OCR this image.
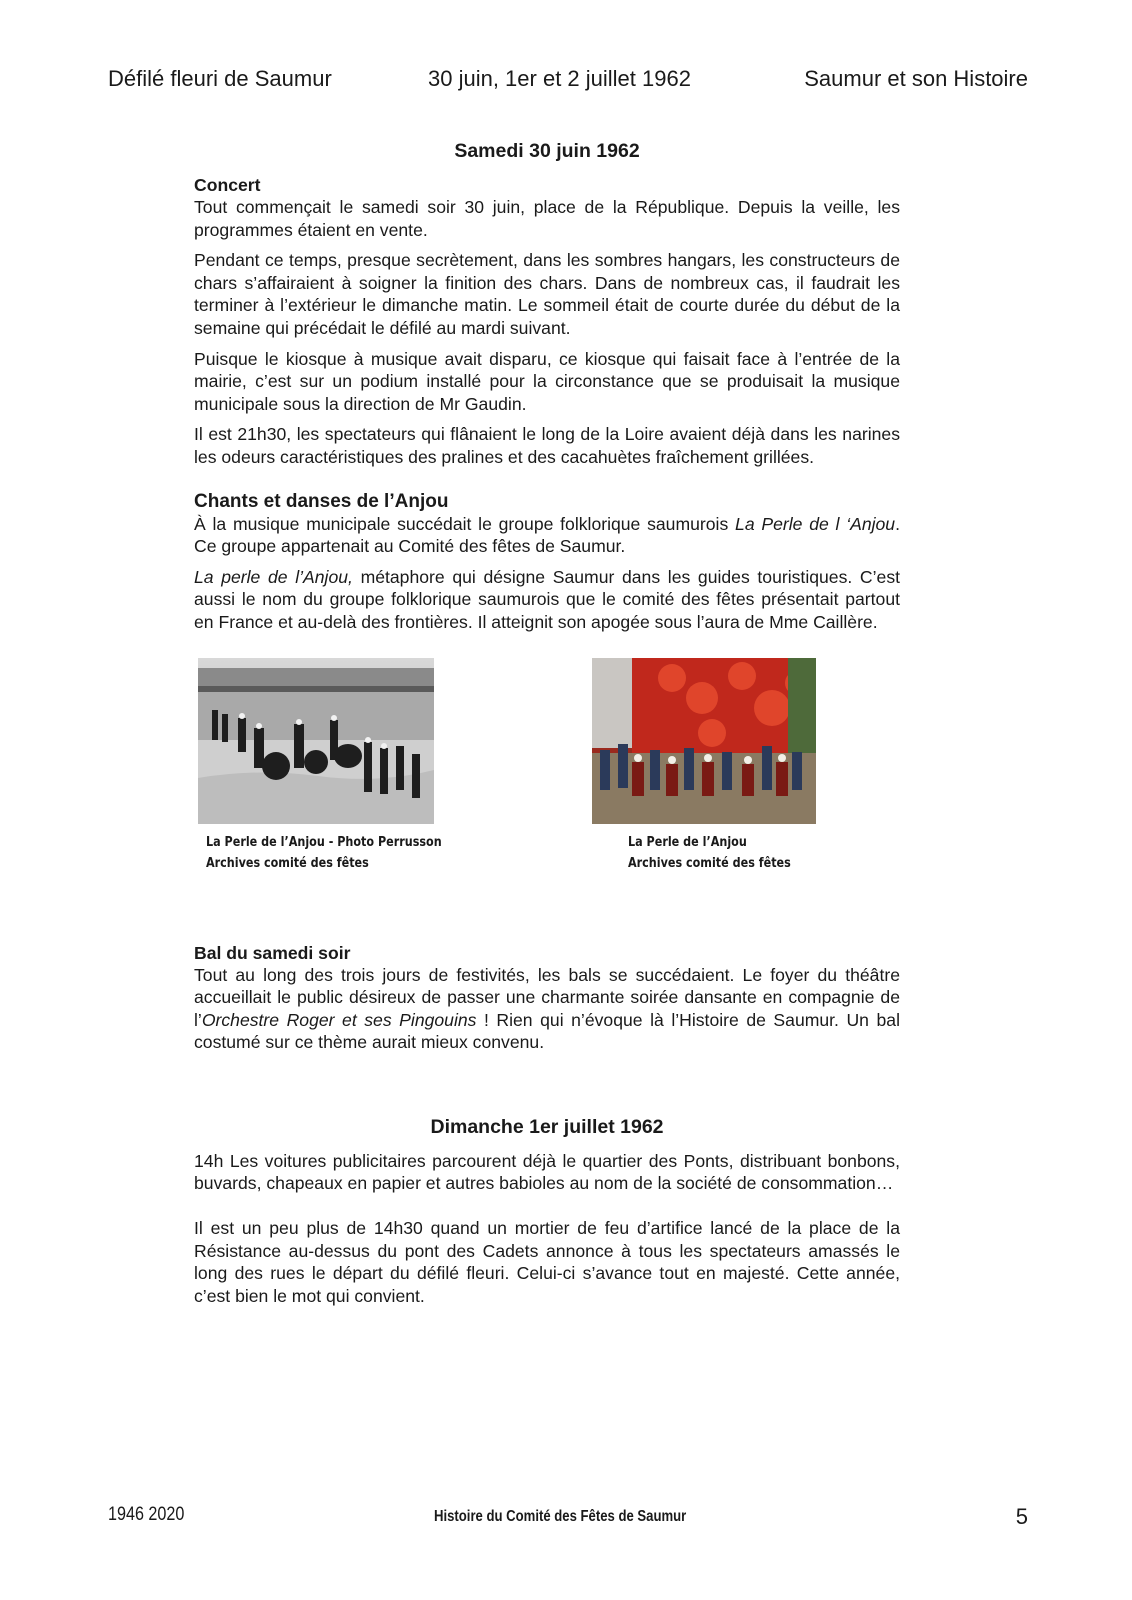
Défilé fleuri de Saumur	30 juin, 1er et 2 juillet 1962	Saumur et son Histoire
Samedi 30 juin 1962
Concert

Tout commençait le samedi soir 30 juin, place de la République. Depuis la veille, les programmes étaient en vente.

Pendant ce temps, presque secrètement, dans les sombres hangars, les constructeurs de chars s’affairaient à soigner la finition des chars. Dans de nombreux cas, il faudrait les terminer à l’extérieur le dimanche matin. Le sommeil était de courte durée du début de la semaine qui précédait le défilé au mardi suivant.

Puisque le kiosque à musique avait disparu, ce kiosque qui faisait face à l’entrée de la mairie, c’est sur un podium installé pour la circonstance que se produisait la musique municipale sous la direction de Mr Gaudin.

Il est 21h30, les spectateurs qui flânaient le long de la Loire avaient déjà dans les narines les odeurs caractéristiques des pralines et des cacahuètes fraîchement grillées.

Chants et danses de l’Anjou

À la musique municipale succédait le groupe folklorique saumurois La Perle de l ‘Anjou. Ce groupe appartenait au Comité des fêtes de Saumur.

La perle de l’Anjou, métaphore qui désigne Saumur dans les guides touristiques. C’est aussi le nom du groupe folklorique saumurois que le comité des fêtes présentait partout en France et au-delà des frontières. Il atteignit son apogée sous l’aura de Mme Caillère.

La Perle de l’Anjou - Photo Perrusson
Archives comité des fêtes
La Perle de l’Anjou
Archives comité des fêtes
Bal du samedi soir

Tout au long des trois jours de festivités, les bals se succédaient. Le foyer du théâtre accueillait le public désireux de passer une charmante soirée dansante en compagnie de l’Orchestre Roger et ses Pingouins ! Rien qui n’évoque là l’Histoire de Saumur. Un bal costumé sur ce thème aurait mieux convenu.

Dimanche 1er juillet 1962

14h Les voitures publicitaires parcourent déjà le quartier des Ponts, distribuant bonbons, buvards, chapeaux en papier et autres babioles au nom de la société de consommation…

Il est un peu plus de 14h30 quand un mortier de feu d’artifice lancé de la place de la Résistance au-dessus du pont des Cadets annonce à tous les spectateurs amassés le long des rues le départ du défilé fleuri. Celui-ci s’avance tout en majesté. Cette année, c’est bien le mot qui convient.

1946 2020	Histoire du Comité des Fêtes de Saumur	5
